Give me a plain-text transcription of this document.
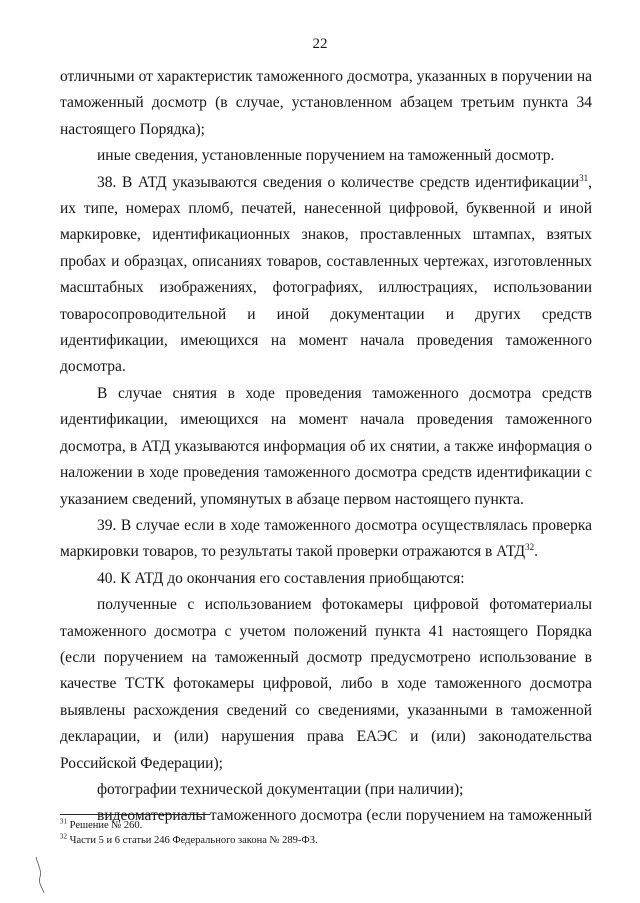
22

отличными от характеристик таможенного досмотра, указанных в поручении на таможенный досмотр (в случае, установленном абзацем третьим пункта 34 настоящего Порядка);

иные сведения, установленные поручением на таможенный досмотр.

38. В АТД указываются сведения о количестве средств идентификации$^{31}$, их типе, номерах пломб, печатей, нанесенной цифровой, буквенной и иной маркировке, идентификационных знаков, проставленных штампах, взятых пробах и образцах, описаниях товаров, составленных чертежах, изготовленных масштабных изображениях, фотографиях, иллюстрациях, использовании товаросопроводительной и иной документации и других средств идентификации, имеющихся на момент начала проведения таможенного досмотра.

В случае снятия в ходе проведения таможенного досмотра средств идентификации, имеющихся на момент начала проведения таможенного досмотра, в АТД указываются информация об их снятии, а также информация о наложении в ходе проведения таможенного досмотра средств идентификации с указанием сведений, упомянутых в абзаце первом настоящего пункта.

39. В случае если в ходе таможенного досмотра осуществлялась проверка маркировки товаров, то результаты такой проверки отражаются в АТД$^{32}$.

40. К АТД до окончания его составления приобщаются:

полученные с использованием фотокамеры цифровой фотоматериалы таможенного досмотра с учетом положений пункта 41 настоящего Порядка (если поручением на таможенный досмотр предусмотрено использование в качестве ТСТК фотокамеры цифровой, либо в ходе таможенного досмотра выявлены расхождения сведений со сведениями, указанными в таможенной декларации, и (или) нарушения права ЕАЭС и (или) законодательства Российской Федерации);

фотографии технической документации (при наличии);

видеоматериалы таможенного досмотра (если поручением на таможенный

$^{31}$ Решение № 260.

$^{32}$ Части 5 и 6 статьи 246 Федерального закона № 289-ФЗ.
